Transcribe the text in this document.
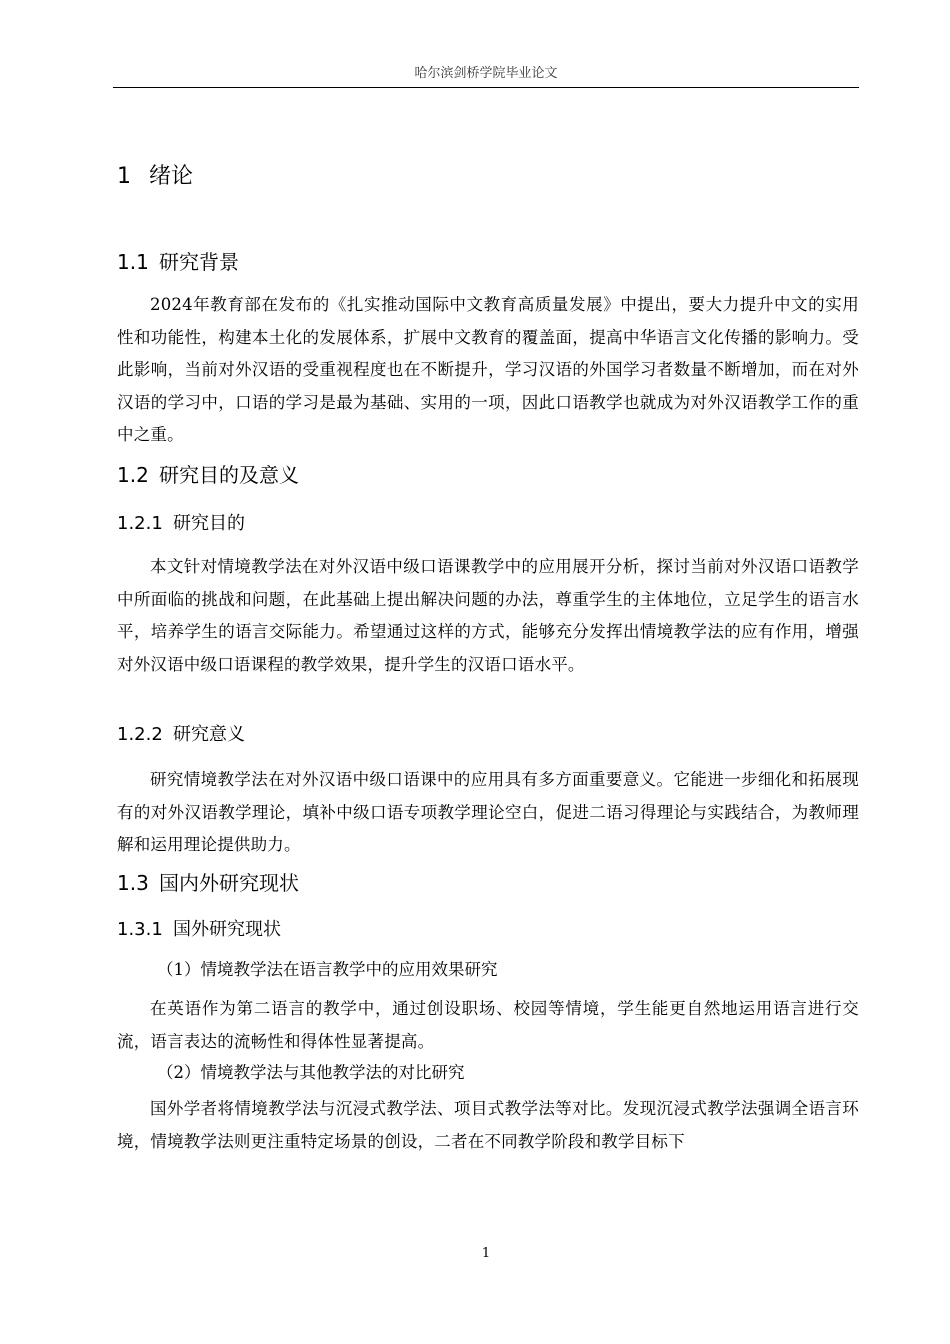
哈尔滨剑桥学院毕业论文
1 绪论
1.1 研究背景
2024年教育部在发布的《扎实推动国际中文教育高质量发展》中提出，要大力提升中文的实用性和功能性，构建本土化的发展体系，扩展中文教育的覆盖面，提高中华语言文化传播的影响力。受此影响，当前对外汉语的受重视程度也在不断提升，学习汉语的外国学习者数量不断增加，而在对外汉语的学习中，口语的学习是最为基础、实用的一项，因此口语教学也就成为对外汉语教学工作的重中之重。
1.2 研究目的及意义
1.2.1 研究目的
本文针对情境教学法在对外汉语中级口语课教学中的应用展开分析，探讨当前对外汉语口语教学中所面临的挑战和问题，在此基础上提出解决问题的办法，尊重学生的主体地位，立足学生的语言水平，培养学生的语言交际能力。希望通过这样的方式，能够充分发挥出情境教学法的应有作用，增强对外汉语中级口语课程的教学效果，提升学生的汉语口语水平。
1.2.2 研究意义
研究情境教学法在对外汉语中级口语课中的应用具有多方面重要意义。它能进一步细化和拓展现有的对外汉语教学理论，填补中级口语专项教学理论空白，促进二语习得理论与实践结合，为教师理解和运用理论提供助力。
1.3 国内外研究现状
1.3.1 国外研究现状
（1）情境教学法在语言教学中的应用效果研究
在英语作为第二语言的教学中，通过创设职场、校园等情境，学生能更自然地运用语言进行交流，语言表达的流畅性和得体性显著提高。
（2）情境教学法与其他教学法的对比研究
国外学者将情境教学法与沉浸式教学法、项目式教学法等对比。发现沉浸式教学法强调全语言环境，情境教学法则更注重特定场景的创设，二者在不同教学阶段和教学目标下
1
